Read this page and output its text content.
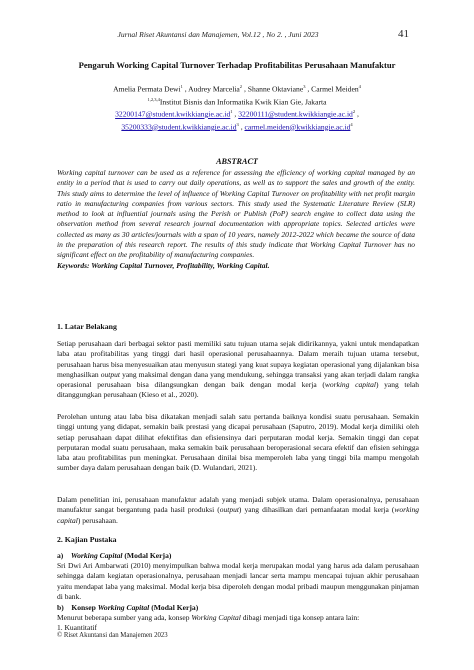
Jurnal Riset Akuntansi dan Manajemen, Vol.12 , No 2. , Juni 2023	41
Pengaruh Working Capital Turnover Terhadap Profitabilitas Perusahaan Manufaktur
Amelia Permata Dewi$^1$ , Audrey Marcelia$^2$ , Shanne Oktaviane$^3$ , Carmel Meiden$^4$
$^{1,2,3,4}$Institut Bisnis dan Informatika Kwik Kian Gie, Jakarta
$32200147@student.kwikkiangie.ac.id^1$ , $32200111@student.kwikkiangie.ac.id^2$ ,
$35200333@student.kwikkiangie.ac.id^3$ , $carmel.meiden@kwikkiangie.ac.id^4$
ABSTRACT
Working capital turnover can be used as a reference for assessing the efficiency of working capital managed by an entity in a period that is used to carry out daily operations, as well as to support the sales and growth of the entity. This study aims to determine the level of influence of Working Capital Turnover on profitability with net profit margin ratio in manufacturing companies from various sectors. This study used the Systematic Literature Review (SLR) method to look at influential journals using the Perish or Publish (PoP) search engine to collect data using the observation method from several research journal documentation with appropriate topics. Selected articles were collected as many as 30 articles/journals with a span of 10 years, namely 2012-2022 which became the source of data in the preparation of this research report. The results of this study indicate that Working Capital Turnover has no significant effect on the profitability of manufacturing companies.
Keywords: Working Capital Turnover, Profitability, Working Capital.
1. Latar Belakang
Setiap perusahaan dari berbagai sektor pasti memiliki satu tujuan utama sejak didirikannya, yakni untuk mendapatkan laba atau profitabilitas yang tinggi dari hasil operasional perusahaannya. Dalam meraih tujuan utama tersebut, perusahaan harus bisa menyesuaikan atau menyusun stategi yang kuat supaya kegiatan operasional yang dijalankan bisa menghasilkan output yang maksimal dengan dana yang mendukung, sehingga transaksi yang akan terjadi dalam rangka operasional perusahaan bisa dilangsungkan dengan baik dengan modal kerja (working capital) yang telah ditanggungkan perusahaan (Kieso et al., 2020).
Perolehan untung atau laba bisa dikatakan menjadi salah satu pertanda baiknya kondisi suatu perusahaan. Semakin tinggi untung yang didapat, semakin baik prestasi yang dicapai perusahaan (Saputro, 2019). Modal kerja dimiliki oleh setiap perusahaan dapat dilihat efektifitas dan efisiensinya dari perputaran modal kerja. Semakin tinggi dan cepat perputaran modal suatu perusahaan, maka semakin baik perusahaan beroperasional secara efektif dan efisien sehingga laba atau profitabilitas pun meningkat. Perusahaan dinilai bisa memperoleh laba yang tinggi bila mampu mengolah sumber daya dalam perusahaan dengan baik (D. Wulandari, 2021).
Dalam penelitian ini, perusahaan manufaktur adalah yang menjadi subjek utama. Dalam operasionalnya, perusahaan manufaktur sangat bergantung pada hasil produksi (output) yang dihasilkan dari pemanfaatan modal kerja (working capital) perusahaan.
2. Kajian Pustaka
a)    Working Capital (Modal Kerja)
Sri Dwi Ari Ambarwati (2010) menyimpulkan bahwa modal kerja merupakan modal yang harus ada dalam perusahaan sehingga dalam kegiatan operasionalnya, perusahaan menjadi lancar serta mampu mencapai tujuan akhir perusahaan yaitu mendapat laba yang maksimal. Modal kerja bisa diperoleh dengan modal pribadi maupun menggunakan pinjaman di bank.
b)    Konsep Working Capital (Modal Kerja)
Menurut beberapa sumber yang ada, konsep Working Capital dibagi menjadi tiga konsep antara lain:
1. Kuantitatif
© Riset Akuntansi dan Manajemen 2023
